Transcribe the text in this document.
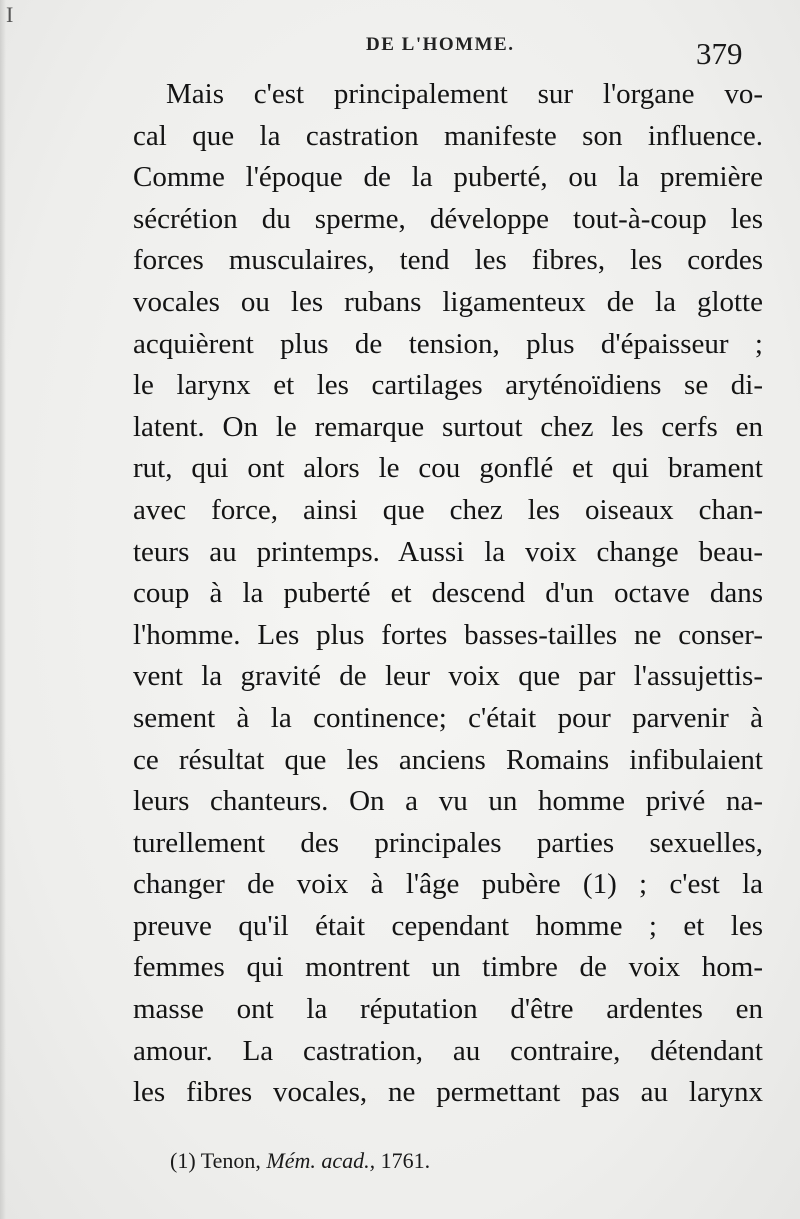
I
DE L'HOMME.	379
Mais c'est principalement sur l'organe vo-
cal que la castration manifeste son influence.
Comme l'époque de la puberté, ou la première
sécrétion du sperme, développe tout-à-coup les
forces musculaires, tend les fibres, les cordes
vocales ou les rubans ligamenteux de la glotte
acquièrent plus de tension, plus d'épaisseur ;
le larynx et les cartilages aryténoïdiens se di-
latent. On le remarque surtout chez les cerfs en
rut, qui ont alors le cou gonflé et qui brament
avec force, ainsi que chez les oiseaux chan-
teurs au printemps. Aussi la voix change beau-
coup à la puberté et descend d'un octave dans
l'homme. Les plus fortes basses-tailles ne conser-
vent la gravité de leur voix que par l'assujettis-
sement à la continence; c'était pour parvenir à
ce résultat que les anciens Romains infibulaient
leurs chanteurs. On a vu un homme privé na-
turellement des principales parties sexuelles,
changer de voix à l'âge pubère (1) ; c'est la
preuve qu'il était cependant homme ; et les
femmes qui montrent un timbre de voix hom-
masse ont la réputation d'être ardentes en
amour. La castration, au contraire, détendant
les fibres vocales, ne permettant pas au larynx
(1) Tenon, Mém. acad., 1761.
